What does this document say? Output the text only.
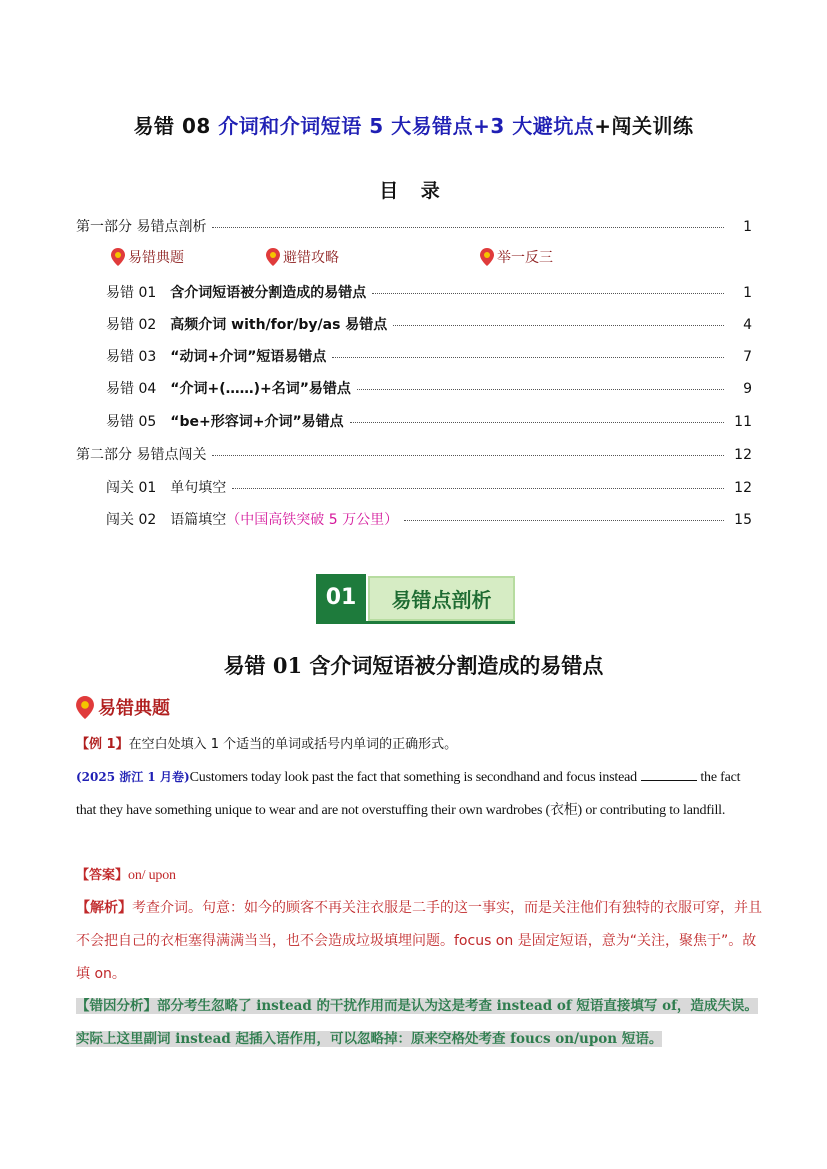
易错 08 介词和介词短语 5 大易错点+3 大避坑点+闯关训练
目 录
第一部分 易错点剖析	1
易错典题	避错攻略	举一反三
易错 01 含介词短语被分割造成的易错点	1
易错 02 高频介词 with/for/by/as 易错点	4
易错 03 “动词+介词”短语易错点	7
易错 04 “介词+(……)+名词”易错点	9
易错 05 “be+形容词+介词”易错点	11
第二部分 易错点闯关	12
闯关 01 单句填空	12
闯关 02 语篇填空 （中国高铁突破 5 万公里）	15
01	易错点剖析
易错 01 含介词短语被分割造成的易错点
易错典题
【例 1】在空白处填入 1 个适当的单词或括号内单词的正确形式。
(2025 浙江 1 月卷)Customers today look past the fact that something is secondhand and focus instead	the fact that they have something unique to wear and are not overstuffing their own wardrobes (衣柜) or contributing to landfill.
【答案】on/ upon
【解析】考查介词。句意：如今的顾客不再关注衣服是二手的这一事实，而是关注他们有独特的衣服可穿，并且不会把自己的衣柜塞得满满当当，也不会造成垃圾填埋问题。focus on 是固定短语，意为“关注，聚焦于”。故填 on。
【错因分析】部分考生忽略了 instead 的干扰作用而是认为这是考查 instead of 短语直接填写 of，造成失误。
实际上这里副词 instead 起插入语作用，可以忽略掉：原来空格处考查 foucs on/upon 短语。
